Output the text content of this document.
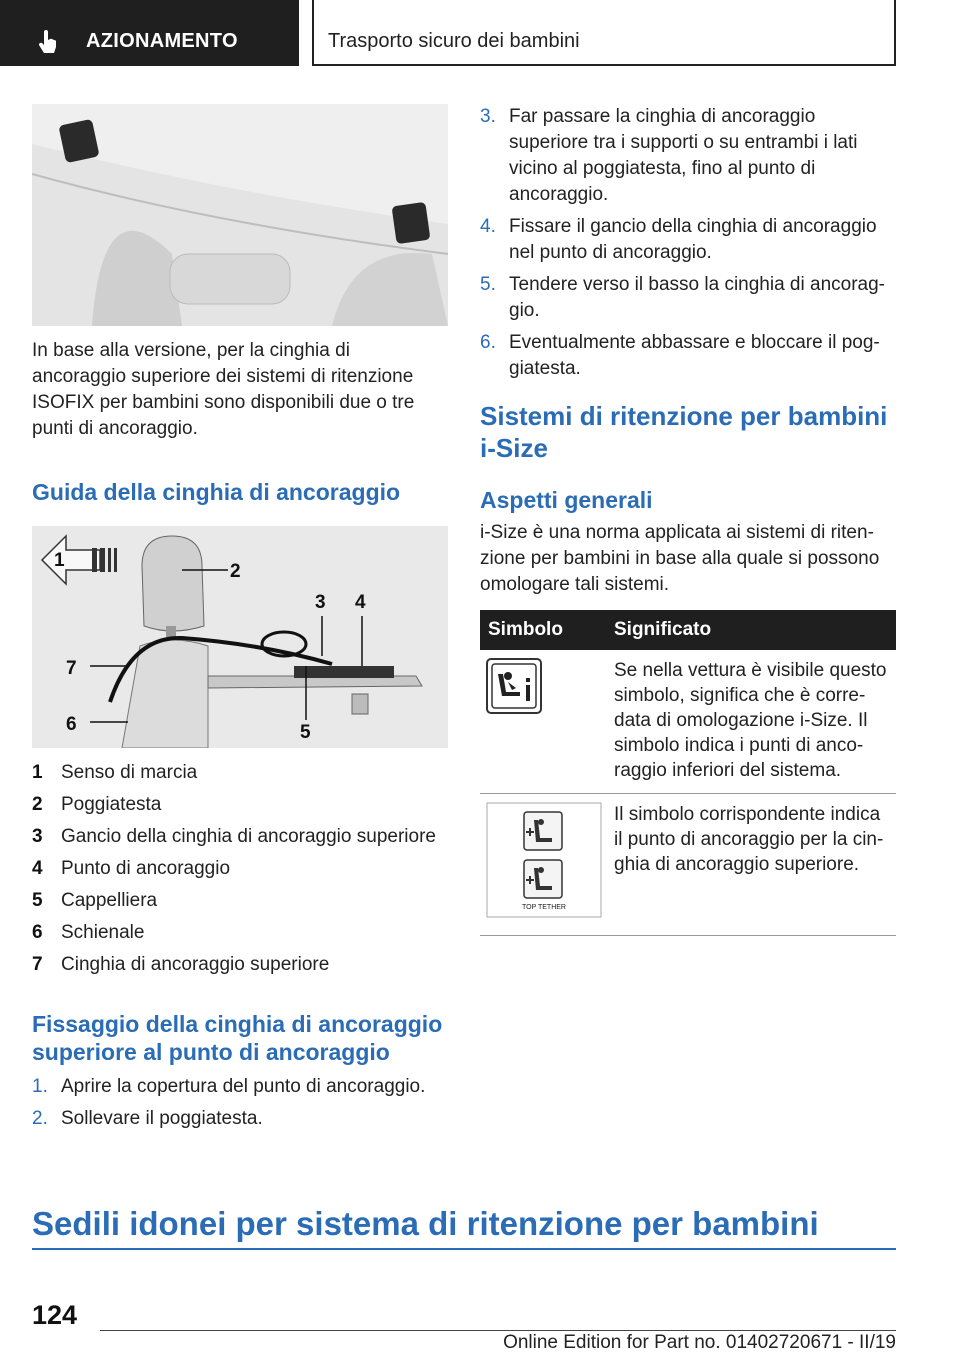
AZIONAMENTO	Trasporto sicuro dei bambini
In base alla versione, per la cinghia di ancoraggio superiore dei sistemi di ritenzione ISOFIX per bambini sono disponibili due o tre punti di ancoraggio.
Guida della cinghia di ancoraggio
1
2
3 4
5
6
7
1 Senso di marcia
2 Poggiatesta
3 Gancio della cinghia di ancoraggio superiore
4 Punto di ancoraggio
5 Cappelliera
6 Schienale
7 Cinghia di ancoraggio superiore
Fissaggio della cinghia di ancoraggio superiore al punto di ancoraggio
1. Aprire la copertura del punto di ancoraggio.
2. Sollevare il poggiatesta.
3. Far passare la cinghia di ancoraggio superiore tra i supporti o su entrambi i lati vicino al poggiatesta, fino al punto di ancoraggio.
4. Fissare il gancio della cinghia di ancoraggio nel punto di ancoraggio.
5. Tendere verso il basso la cinghia di ancoraggio.
6. Eventualmente abbassare e bloccare il poggiatesta.
Sistemi di ritenzione per bambini i-Size
Aspetti generali
i-Size è una norma applicata ai sistemi di ritenzione per bambini in base alla quale si possono omologare tali sistemi.
Simbolo	Significato
	Se nella vettura è visibile questo simbolo, significa che è corredata di omologazione i-Size. Il simbolo indica i punti di ancoraggio inferiori del sistema.

TOP TETHER	Il simbolo corrispondente indica il punto di ancoraggio per la cinghia di ancoraggio superiore.
Sedili idonei per sistema di ritenzione per bambini
124
Online Edition for Part no. 01402720671 - II/19
